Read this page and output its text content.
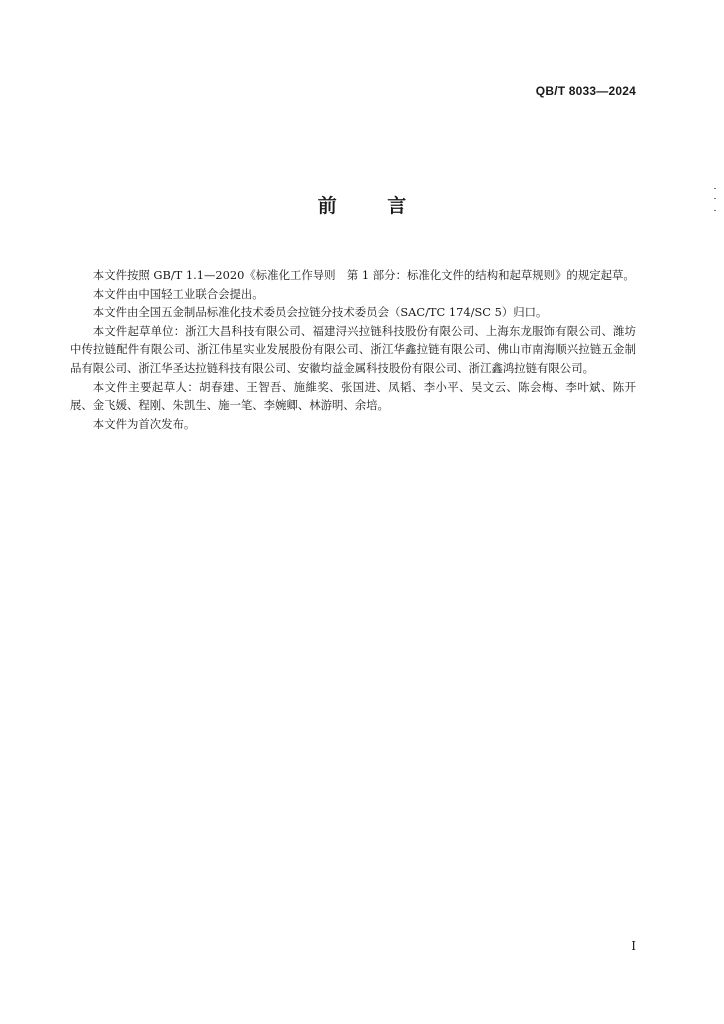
QB/T 8033—2024
前 言

本文件按照 GB/T 1.1—2020《标准化工作导则　第 1 部分：标准化文件的结构和起草规则》的规定起草。

本文件由中国轻工业联合会提出。

本文件由全国五金制品标准化技术委员会拉链分技术委员会（SAC/TC 174/SC 5）归口。

本文件起草单位：浙江大昌科技有限公司、福建浔兴拉链科技股份有限公司、上海东龙服饰有限公司、潍坊中传拉链配件有限公司、浙江伟星实业发展股份有限公司、浙江华鑫拉链有限公司、佛山市南海顺兴拉链五金制品有限公司、浙江华圣达拉链科技有限公司、安徽均益金属科技股份有限公司、浙江鑫鸿拉链有限公司。

本文件主要起草人：胡春建、王智吾、施維奖、张国进、凤韬、李小平、吴文云、陈会梅、李叶斌、陈开展、金飞媛、程刚、朱凯生、施一笔、李婉卿、林游明、余培。

本文件为首次发布。

I
